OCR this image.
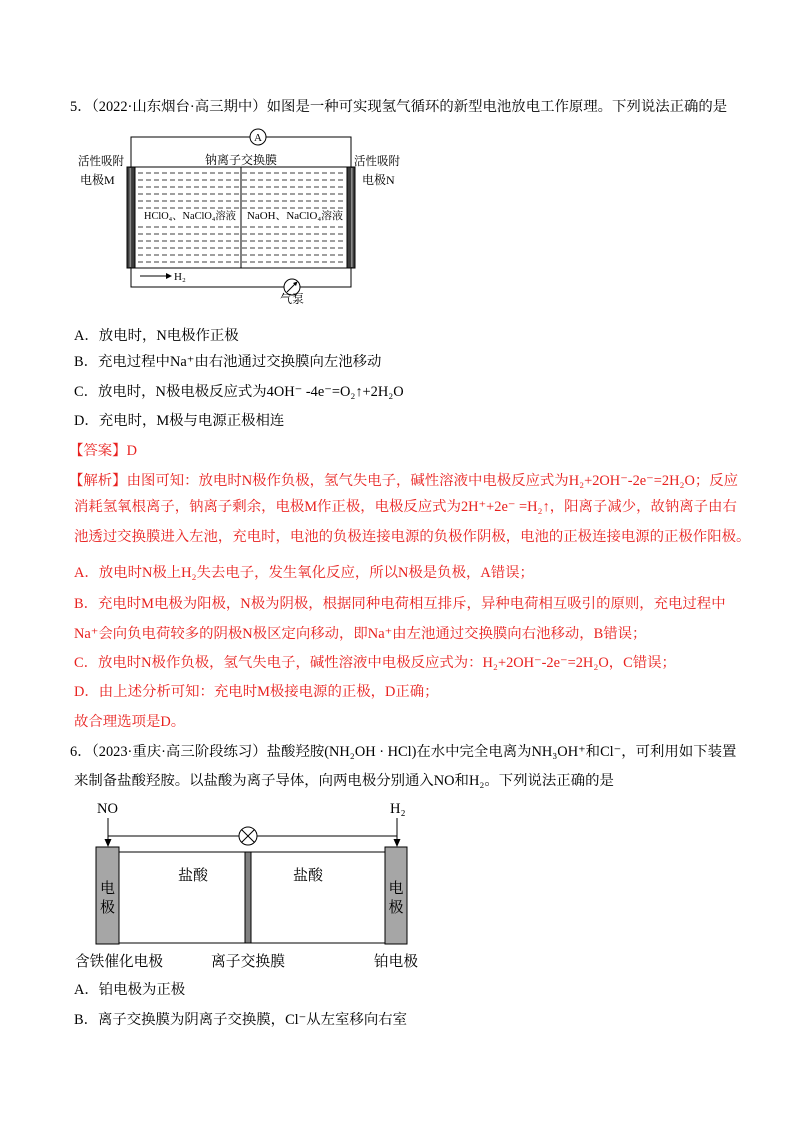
5．（2022·山东烟台·高三期中）如图是一种可实现氢气循环的新型电池放电工作原理。下列说法正确的是
A
活性吸附
电极M
活性吸附
电极N
钠离子交换膜
HClO₄、NaClO₄溶液 NaOH、NaClO₄溶液
H₂
气泵
A．放电时，N电极作正极
B．充电过程中Na⁺由右池通过交换膜向左池移动
C．放电时，N极电极反应式为4OH⁻ -4e⁻=O₂↑+2H₂O
D．充电时，M极与电源正极相连
【答案】D
【解析】由图可知：放电时N极作负极，氢气失电子，碱性溶液中电极反应式为H₂+2OH⁻-2e⁻=2H₂O；反应
消耗氢氧根离子，钠离子剩余，电极M作正极，电极反应式为2H⁺+2e⁻ =H₂↑，阳离子减少，故钠离子由右
池透过交换膜进入左池，充电时，电池的负极连接电源的负极作阴极，电池的正极连接电源的正极作阳极。
A．放电时N极上H₂失去电子，发生氧化反应，所以N极是负极，A错误；
B．充电时M电极为阳极，N极为阴极，根据同种电荷相互排斥，异种电荷相互吸引的原则，充电过程中
Na⁺会向负电荷较多的阴极N极区定向移动，即Na⁺由左池通过交换膜向右池移动，B错误；
C．放电时N极作负极，氢气失电子，碱性溶液中电极反应式为：H₂+2OH⁻-2e⁻=2H₂O，C错误；
D．由上述分析可知：充电时M极接电源的正极，D正确；
故合理选项是D。
6．（2023·重庆·高三阶段练习）盐酸羟胺(NH₂OH · HCl)在水中完全电离为NH₃OH⁺和Cl⁻，可利用如下装置
来制备盐酸羟胺。以盐酸为离子导体，向两电极分别通入NO和H₂。下列说法正确的是
NO	H₂
电
极
电
极
盐酸	盐酸
含铁催化电极	离子交换膜	铂电极
A．铂电极为正极
B．离子交换膜为阴离子交换膜，Cl⁻从左室移向右室
